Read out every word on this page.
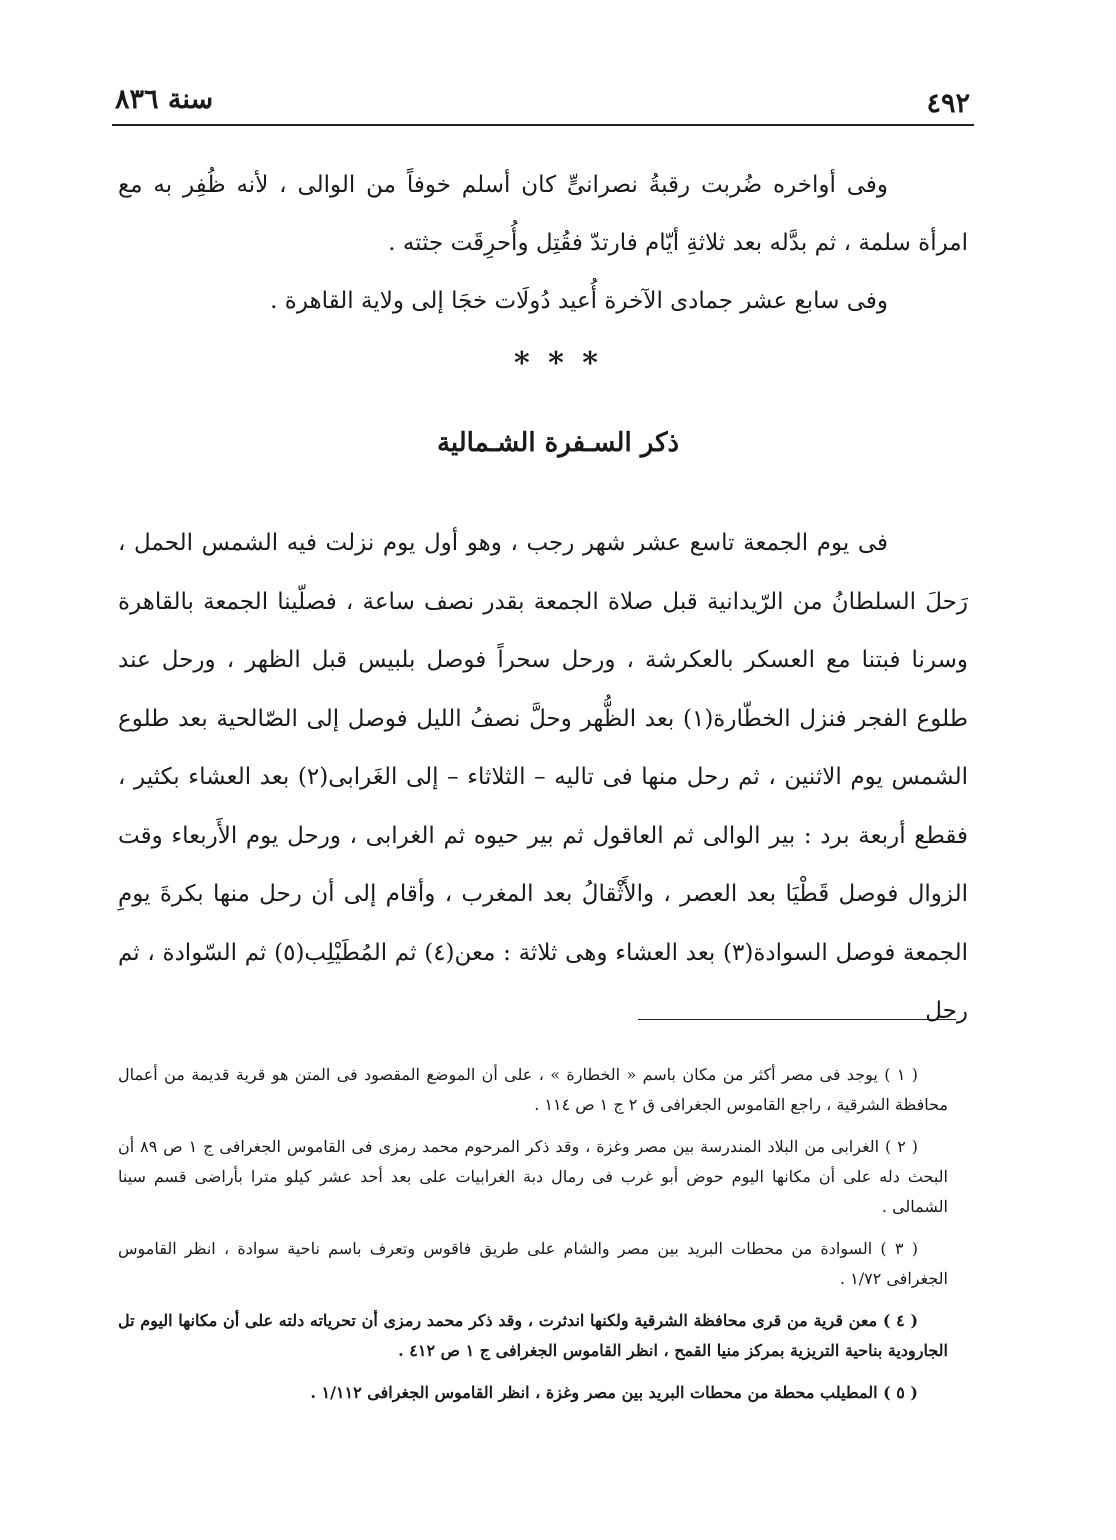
٤٩٢
سنة ٨٣٦

وفى أواخره ضُربت رقبةُ نصرانىٍّ كان أسلم خوفاً من الوالى ، لأنه ظُفِر به مع امرأة سلمة ، ثم بدَّله بعد ثلاثةِ أيّام فارتدّ فقُتِل وأُحرِقَت جثته .

وفى سابع عشر جمادى الآخرة أُعيد دُولَات خجَا إلى ولاية القاهرة .

* * *
ذكر السـفرة الشـمالية

فى يوم الجمعة تاسع عشر شهر رجب ، وهو أول يوم نزلت فيه الشمس الحمل ، رَحلَ السلطانُ من الرّيدانية قبل صلاة الجمعة بقدر نصف ساعة ، فصلّينا الجمعة بالقاهرة وسرنا فبتنا مع العسكر بالعكرشة ، ورحل سحراً فوصل بلبيس قبل الظهر ، ورحل عند طلوع الفجر فنزل الخطّارة(١) بعد الظُّهر وحلَّ نصفُ الليل فوصل إلى الصّالحية بعد طلوع الشمس يوم الاثنين ، ثم رحل منها فى تاليه – الثلاثاء – إلى الغَرابى(٢) بعد العشاء بكثير ، فقطع أربعة برد : بير الوالى ثم العاقول ثم بير حيوه ثم الغرابى ، ورحل يوم الأَربعاء وقت الزوال فوصل قَطْيَا بعد العصر ، والأَثْقالُ بعد المغرب ، وأقام إلى أن رحل منها بكرةَ يومِ الجمعة فوصل السوادة(٣) بعد العشاء وهى ثلاثة : معن(٤) ثم المُطَيْلِب(٥) ثم السّوادة ، ثم رحل

( ١ ) يوجد فى مصر أكثر من مكان باسم « الخطارة » ، على أن الموضع المقصود فى المتن هو قرية قديمة من أعمال محافظة الشرقية ، راجع القاموس الجغرافى ق ٢ ج ١ ص ١١٤ .

( ٢ ) الغرابى من البلاد المندرسة بين مصر وغزة ، وقد ذكر المرحوم محمد رمزى فى القاموس الجغرافى ج ١ ص ٨٩ أن البحث دله على أن مكانها اليوم حوض أبو غرب فى رمال دبة الغرابيات على بعد أحد عشر كيلو مترا بأراضى قسم سينا الشمالى .

( ٣ ) السوادة من محطات البريد بين مصر والشام على طريق فاقوس وتعرف باسم ناحية سوادة ، انظر القاموس الجغرافى ١/٧٢ .

( ٤ ) معن قرية من قرى محافظة الشرقية ولكنها اندثرت ، وقد ذكر محمد رمزى أن تحرياته دلته على أن مكانها اليوم تل الجارودية بناحية التريزية بمركز منيا القمح ، انظر القاموس الجغرافى ج ١ ص ٤١٢ .

( ٥ ) المطيلب محطة من محطات البريد بين مصر وغزة ، انظر القاموس الجغرافى ١/١١٢ .
